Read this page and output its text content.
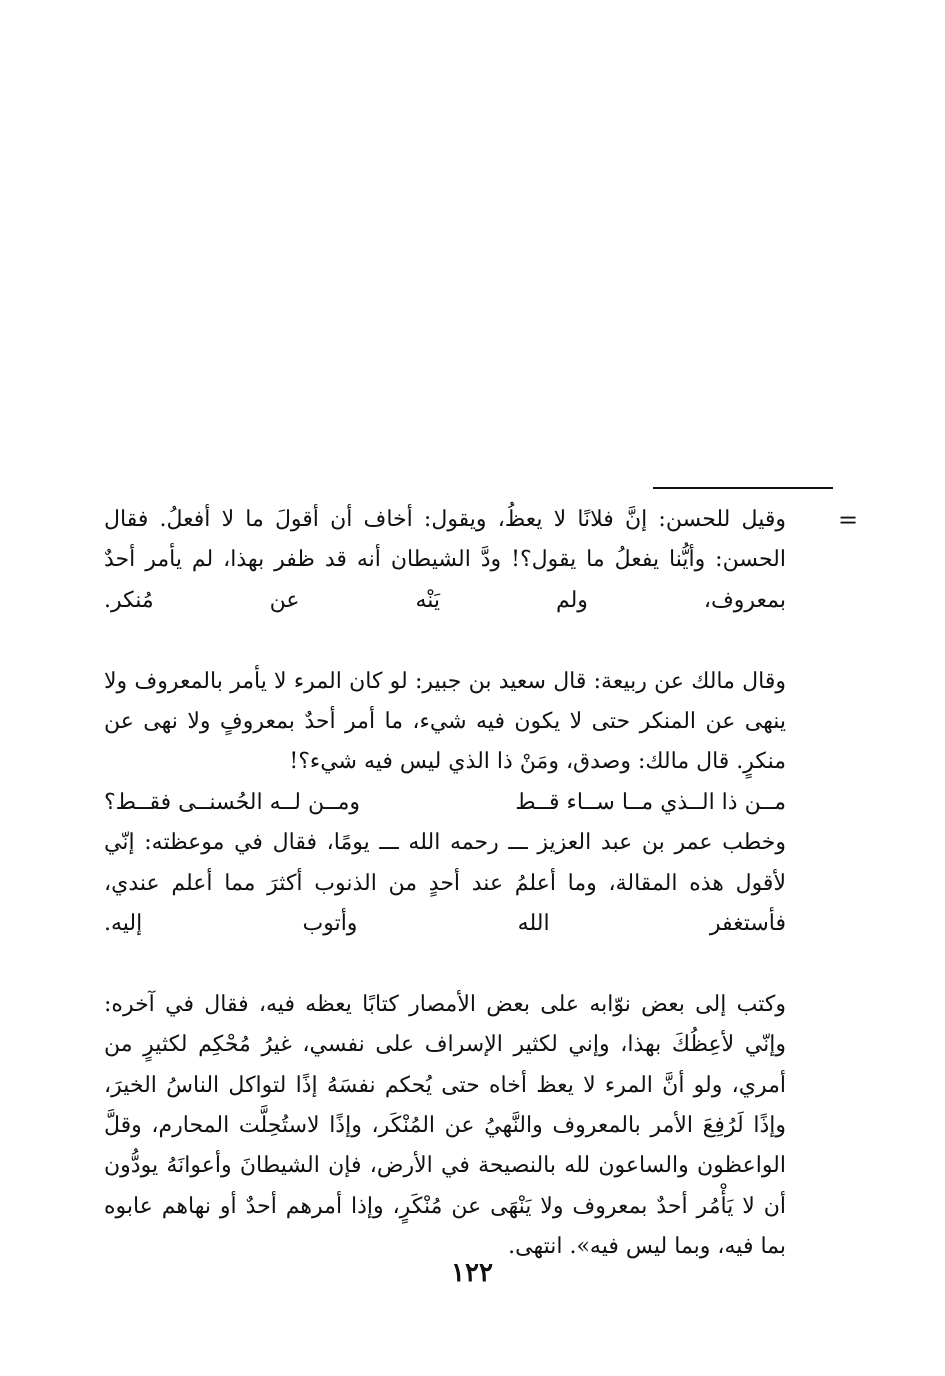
=

وقيل للحسن: إنَّ فلانًا لا يعظُ، ويقول: أخاف أن أقولَ ما لا أفعلُ. فقال الحسن: وأيُّنا يفعلُ ما يقول؟! ودَّ الشيطان أنه قد ظفر بهذا، لم يأمر أحدٌ بمعروف، ولم يَنْه عن مُنكر.

وقال مالك عن ربيعة: قال سعيد بن جبير: لو كان المرء لا يأمر بالمعروف ولا ينهى عن المنكر حتى لا يكون فيه شيء، ما أمر أحدٌ بمعروفٍ ولا نهى عن منكرٍ. قال مالك: وصدق، ومَنْ ذا الذي ليس فيه شيء؟!

مــن ذا الــذي مــا ســاء قــط
ومــن لــه الحُسنــى فقــط؟

وخطب عمر بن عبد العزيز ـــ رحمه الله ـــ يومًا، فقال في موعظته: إنّي لأقول هذه المقالة، وما أعلمُ عند أحدٍ من الذنوب أكثرَ مما أعلم عندي، فأستغفر الله وأتوب إليه.

وكتب إلى بعض نوّابه على بعض الأمصار كتابًا يعظه فيه، فقال في آخره: وإنّي لأعِظُكَ بهذا، وإني لكثير الإسراف على نفسي، غيرُ مُحْكِم لكثيرٍ من أمري، ولو أنَّ المرء لا يعظ أخاه حتى يُحكم نفسَهُ إذًا لتواكل الناسُ الخيرَ، وإذًا لَرُفِعَ الأمر بالمعروف والنَّهيُ عن المُنْكَر، وإذًا لاستُحِلَّت المحارم، وقلَّ الواعظون والساعون لله بالنصيحة في الأرض، فإن الشيطانَ وأعوانَهُ يودُّون أن لا يَأْمُر أحدٌ بمعروف ولا يَنْهَى عن مُنْكَرٍ، وإذا أمرهم أحدٌ أو نهاهم عابوه بما فيه، وبما ليس فيه». انتهى.

١٢٢
